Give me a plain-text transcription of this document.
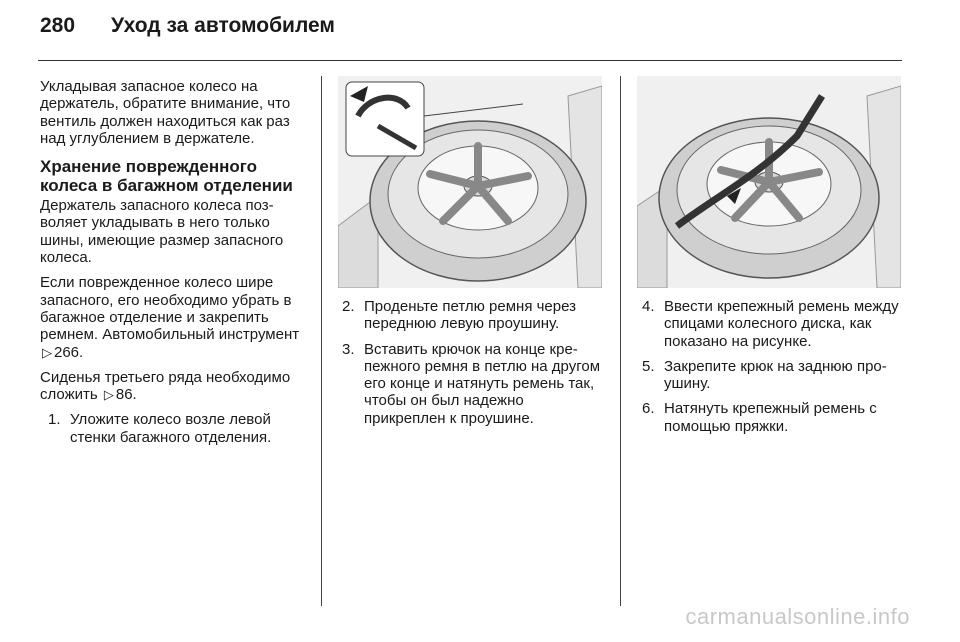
280 Уход за автомобилем

Укладывая запасное колесо на держатель, обратите внимание, что вентиль должен находиться как раз над углублением в держателе.

Хранение поврежденного колеса в багажном отделении

Держатель запасного колеса позволяет укладывать в него только шины, имеющие размер запасного колеса.

Если поврежденное колесо шире запасного, его необходимо убрать в багажное отделение и закрепить ремнем. Автомобильный инструмент ▷ 266.

Сиденья третьего ряда необходимо сложить ▷ 86.

1. Уложите колесо возле левой стенки багажного отделения.
2. Проденьте петлю ремня через переднюю левую проушину.
3. Вставить крючок на конце крепежного ремня в петлю на другом его конце и натянуть ремень так, чтобы он был надежно прикреплен к проушине.
4. Ввести крепежный ремень между спицами колесного диска, как показано на рисунке.
5. Закрепите крюк на заднюю проушину.
6. Натянуть крепежный ремень с помощью пряжки.
carmanualsonline.info
